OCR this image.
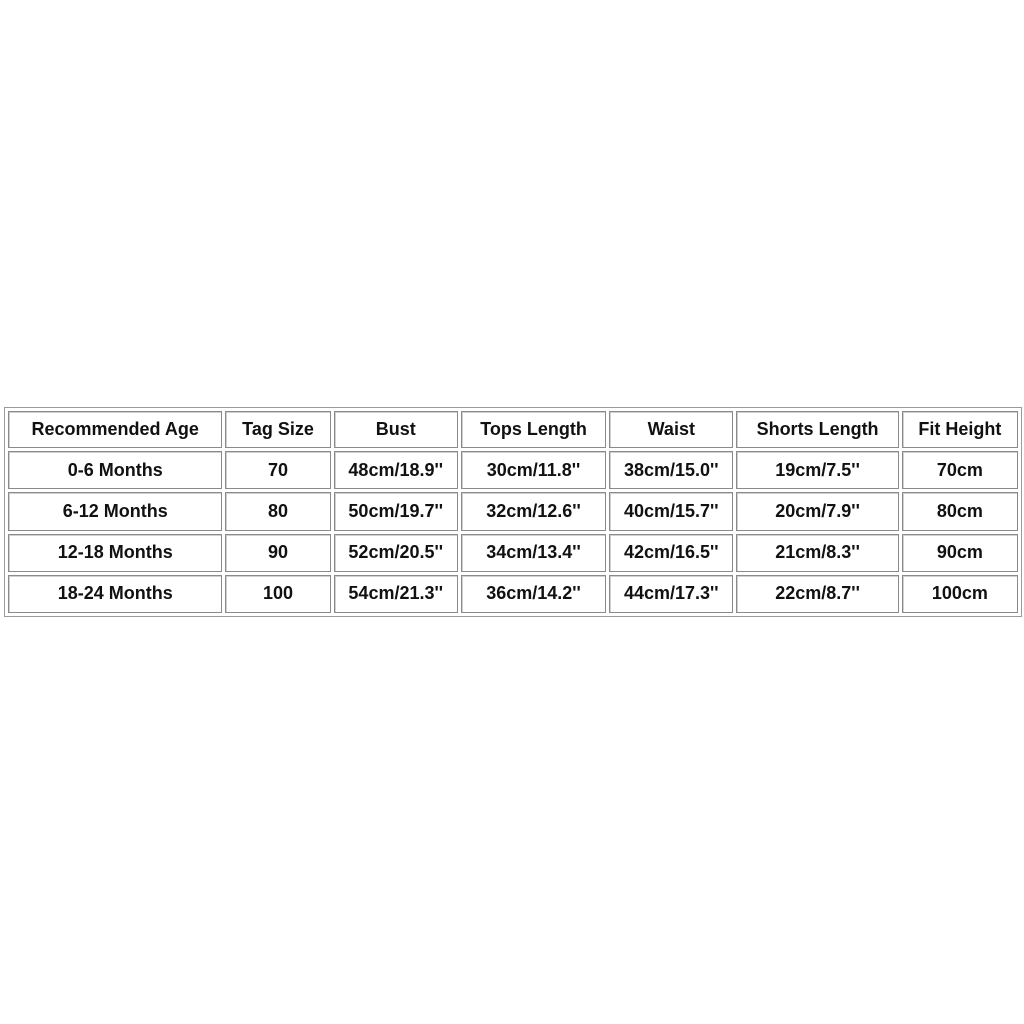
Recommended Age	Tag Size	Bust	Tops Length	Waist	Shorts Length	Fit Height
0-6 Months	70	48cm/18.9''	30cm/11.8''	38cm/15.0''	19cm/7.5''	70cm
6-12 Months	80	50cm/19.7''	32cm/12.6''	40cm/15.7''	20cm/7.9''	80cm
12-18 Months	90	52cm/20.5''	34cm/13.4''	42cm/16.5''	21cm/8.3''	90cm
18-24 Months	100	54cm/21.3''	36cm/14.2''	44cm/17.3''	22cm/8.7''	100cm
